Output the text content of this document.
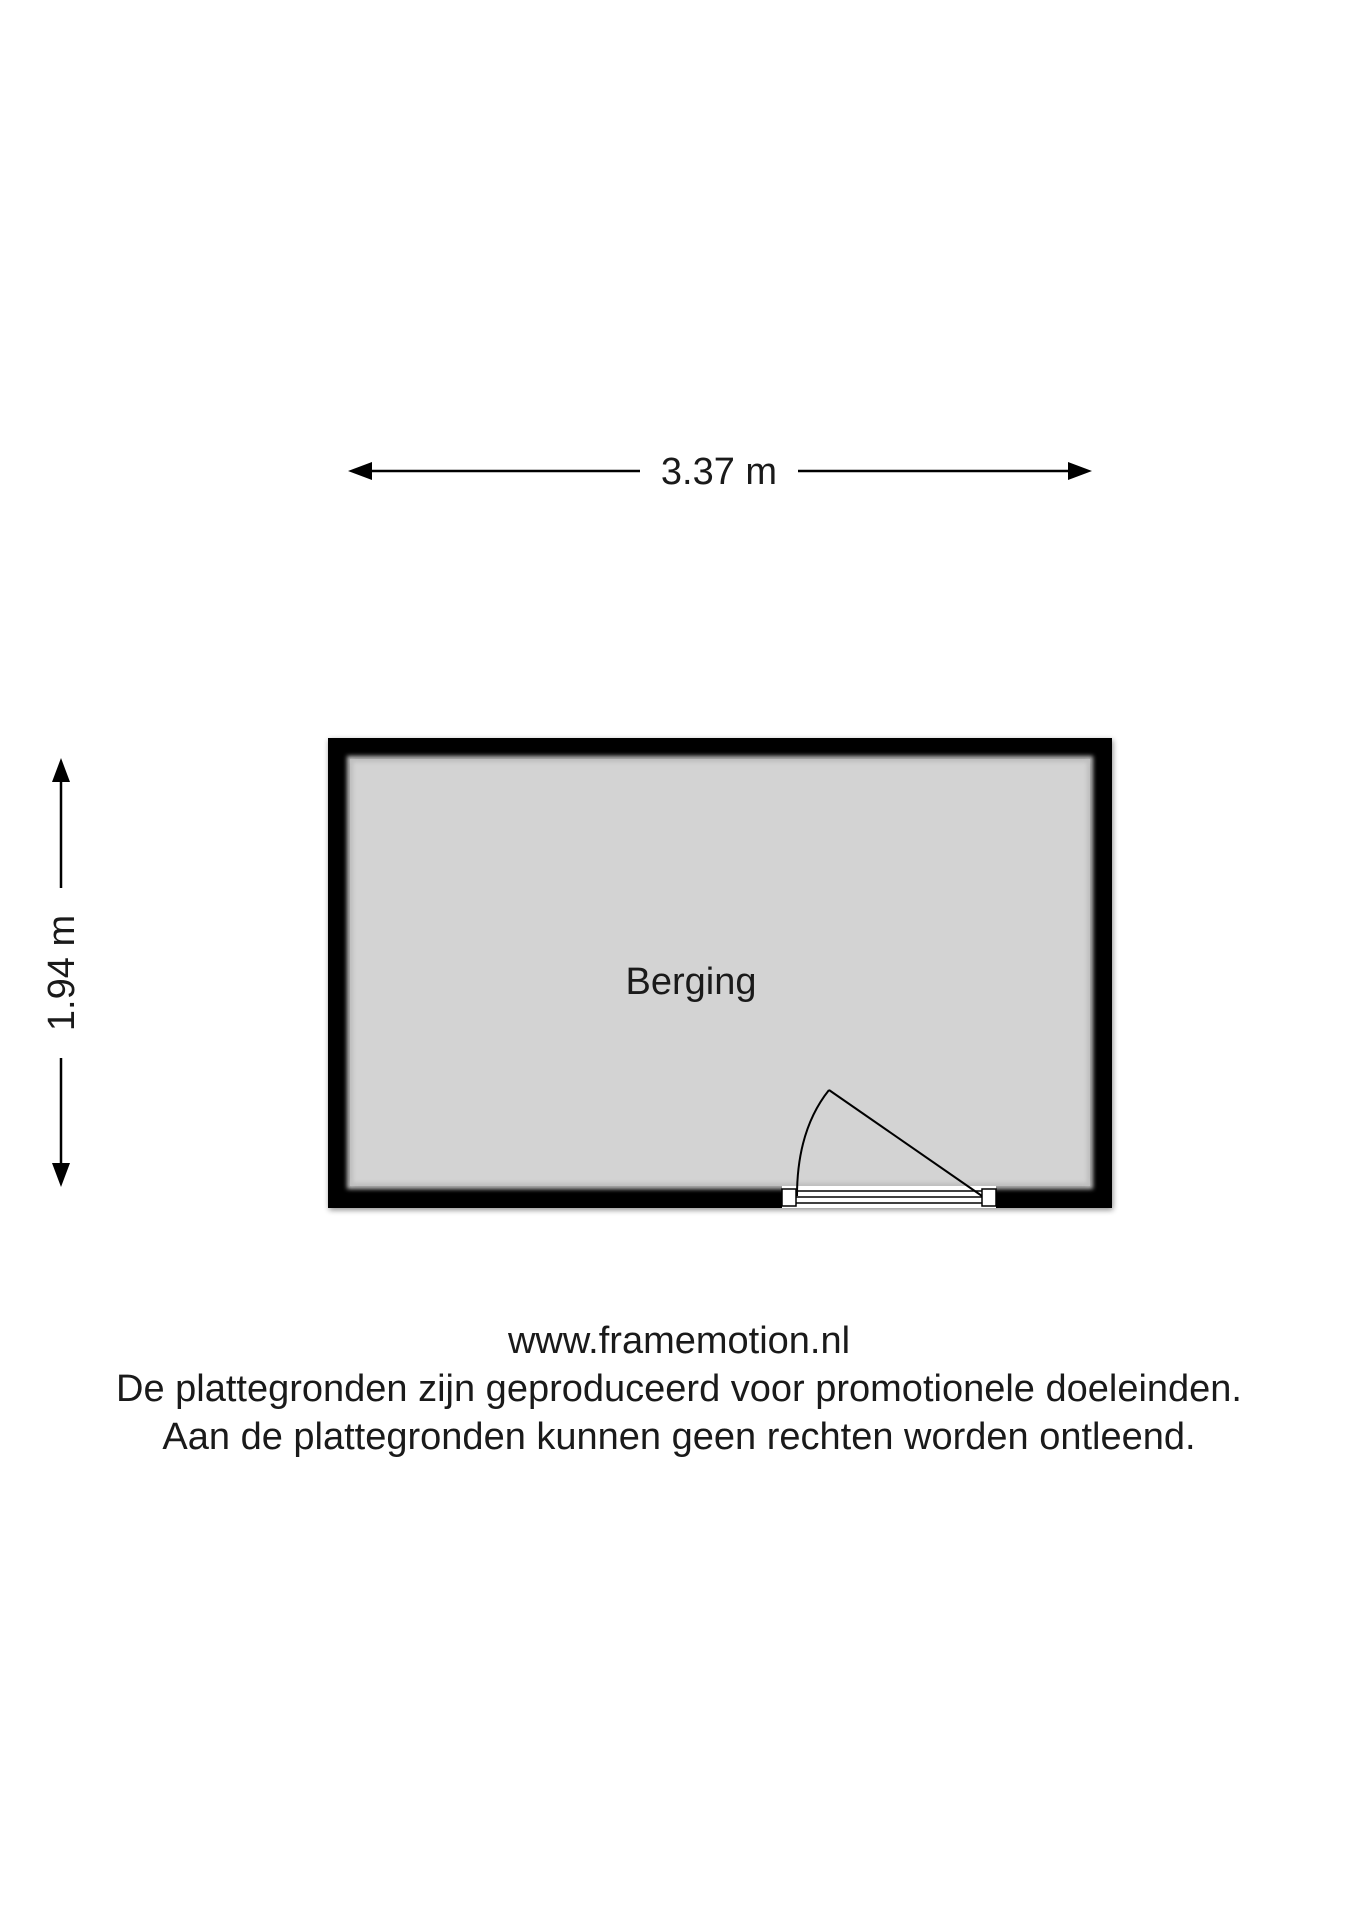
3.37 m
1.94 m	Berging
www.framemotion.nl
De plattegronden zijn geproduceerd voor promotionele doeleinden.
Aan de plattegronden kunnen geen rechten worden ontleend.
